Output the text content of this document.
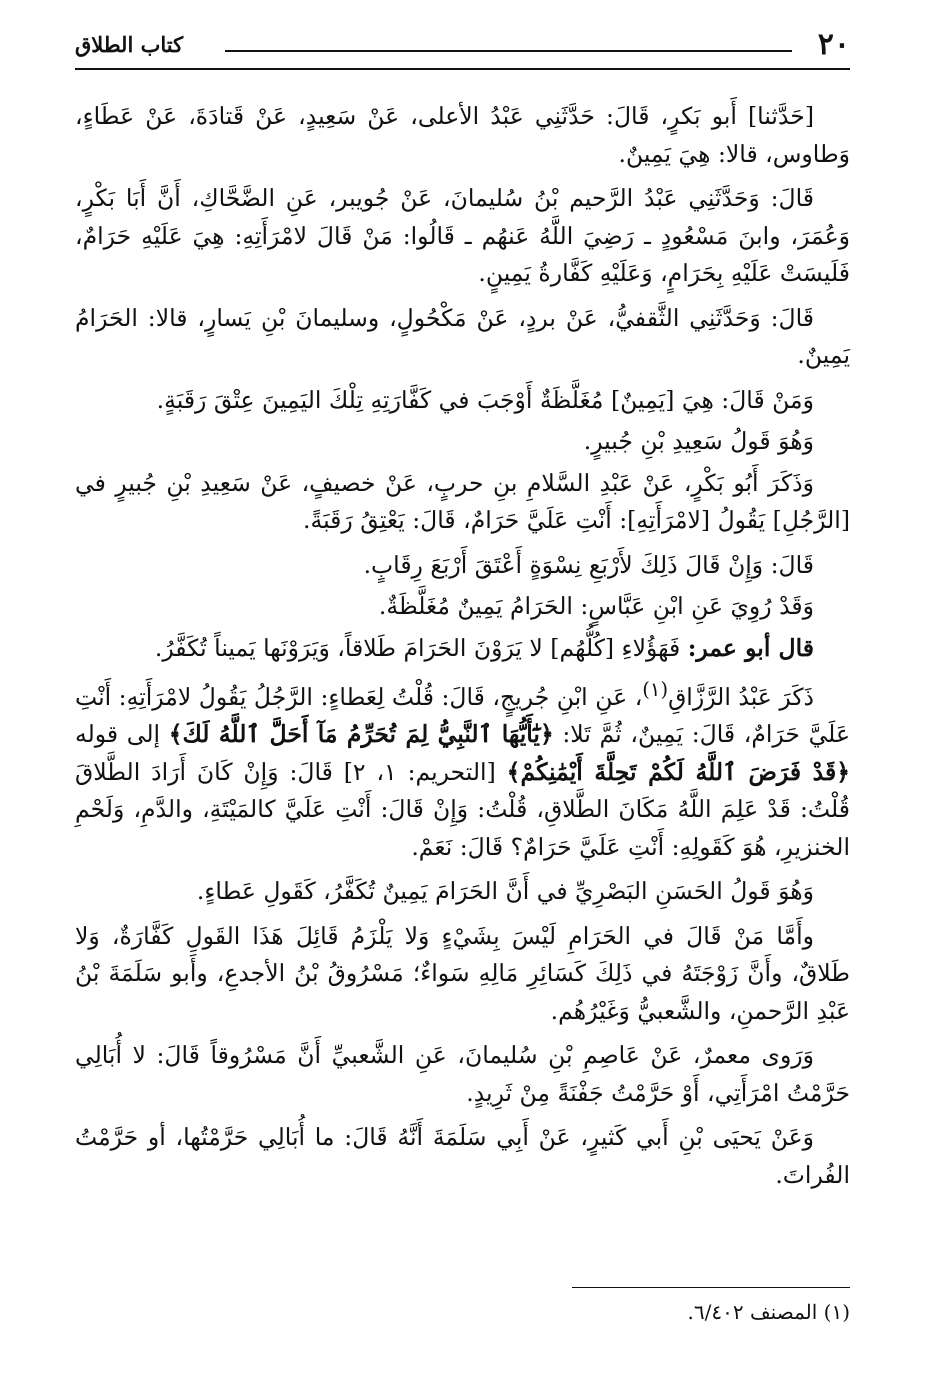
٢٠
كتاب الطلاق

[حَدَّثنا] أَبو بَكرٍ، قَالَ: حَدَّثَنِي عَبْدُ الأعلى، عَنْ سَعِيدٍ، عَنْ قَتادَةَ، عَنْ عَطَاءٍ، وَطاوس، قالا: هِيَ يَمِينٌ.

قَالَ: وَحَدَّثَنِي عَبْدُ الرَّحيم بْنُ سُليمانَ، عَنْ جُويبر، عَنِ الضَّحَّاكِ، أَنَّ أَبَا بَكْرٍ، وَعُمَرَ، وابنَ مَسْعُودٍ ـ رَضِيَ اللَّهُ عَنهُم ـ قَالُوا: مَنْ قَالَ لامْرَأَتِهِ: هِيَ عَلَيْهِ حَرَامٌ، فَلَيسَتْ عَلَيْهِ بِحَرَامٍ، وَعَلَيْهِ كَفَّارةُ يَمِينٍ.

قَالَ: وَحَدَّثَنِي الثَّقفيُّ، عَنْ بردٍ، عَنْ مَكْحُولٍ، وسليمانَ بْنِ يَسارٍ، قالا: الحَرَامُ يَمِينٌ.

وَمَنْ قَالَ: هِيَ [يَمِينٌ] مُغَلَّظَةٌ أَوْجَبَ في كَفَّارَتِهِ تِلْكَ اليَمِينَ عِتْقَ رَقَبَةٍ.

وَهُوَ قَولُ سَعِيدِ بْنِ جُبيرٍ.

وَذَكَرَ أَبُو بَكْرٍ، عَنْ عَبْدِ السَّلامِ بنِ حربٍ، عَنْ خصيفٍ، عَنْ سَعِيدِ بْنِ جُبيرٍ في [الرَّجُلِ] يَقُولُ [لامْرَأَتِهِ]: أَنْتِ عَلَيَّ حَرَامٌ، قَالَ: يَعْتِقُ رَقَبَةً.

قَالَ: وَإِنْ قَالَ ذَلِكَ لأَرْبَعِ نِسْوَةٍ أَعْتَقَ أَرْبَعَ رِقَابٍ.

وَقَدْ رُوِيَ عَنِ ابْنِ عَبَّاسٍ: الحَرَامُ يَمِينٌ مُغَلَّظَةٌ.

قال أبو عمر: فَهَؤُلاءِ [كُلُّهُم] لا يَرَوْنَ الحَرَامَ طَلاقاً، وَيَرَوْنَها يَميناً تُكَفَّرُ.

ذَكَرَ عَبْدُ الرَّزَّاقِ$^{(١)}$، عَنِ ابْنِ جُريجٍ، قَالَ: قُلْتُ لِعَطاءٍ: الرَّجُلُ يَقُولُ لامْرَأَتِهِ: أَنْتِ عَلَيَّ حَرَامٌ، قَالَ: يَمِينٌ، ثُمَّ تَلا: ﴿يَٰٓأَيُّهَا ٱلنَّبِيُّ لِمَ تُحَرِّمُ مَآ أَحَلَّ ٱللَّهُ لَكَ﴾ إلى قوله ﴿قَدْ فَرَضَ ٱللَّهُ لَكُمْ تَحِلَّةَ أَيْمَٰنِكُمْ﴾ [التحريم: ١، ٢] قَالَ: وَإِنْ كَانَ أَرَادَ الطَّلاقَ قُلْتُ: قَدْ عَلِمَ اللَّهُ مَكَانَ الطَّلاقِ، قُلْتُ: وَإِنْ قَالَ: أَنْتِ عَلَيَّ كالمَيْتَةِ، والدَّمِ، وَلَحْمِ الخنزيرِ، هُوَ كَقَولِهِ: أَنْتِ عَلَيَّ حَرَامٌ؟ قَالَ: نَعَمْ.

وَهُوَ قَولُ الحَسَنِ البَصْرِيِّ في أَنَّ الحَرَامَ يَمِينٌ تُكَفَّرُ، كَقَولِ عَطاءٍ.

وأَمَّا مَنْ قَالَ في الحَرَامِ لَيْسَ بِشَيْءٍ وَلا يَلْزَمُ قَائِلَ هَذَا القَولِ كَفَّارَةٌ، وَلا طَلاقٌ، وأَنَّ زَوْجَتَهُ في ذَلِكَ كَسَائِرِ مَالِهِ سَواءٌ؛ مَسْرُوقُ بْنُ الأجدعِ، وأَبو سَلَمَةَ بْنُ عَبْدِ الرَّحمنِ، والشَّعبيُّ وَغَيْرُهُم.

وَرَوى معمرٌ، عَنْ عَاصِمِ بْنِ سُليمانَ، عَنِ الشَّعبيِّ أَنَّ مَسْرُوقاً قَالَ: لا أُبَالِي حَرَّمْتُ امْرَأَتِي، أَوْ حَرَّمْتُ جَفْنَةً مِنْ ثَرِيدٍ.

وَعَنْ يَحيَى بْنِ أَبي كَثيرٍ، عَنْ أَبِي سَلَمَةَ أَنَّهُ قَالَ: ما أُبَالِي حَرَّمْتُها، أو حَرَّمْتُ الفُراتَ.

(١) المصنف ٦/٤٠٢.
